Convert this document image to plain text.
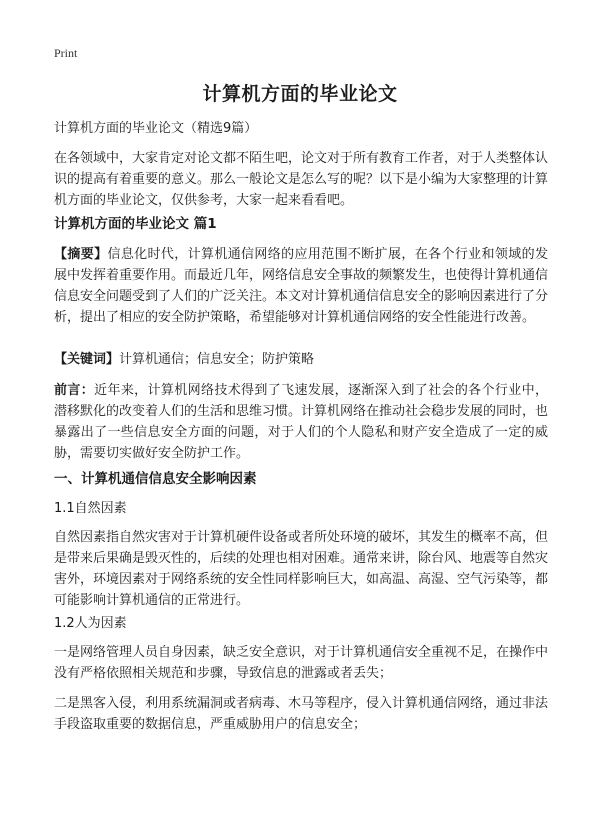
Print
计算机方面的毕业论文
计算机方面的毕业论文（精选9篇）
在各领域中，大家肯定对论文都不陌生吧，论文对于所有教育工作者，对于人类整体认识的提高有着重要的意义。那么一般论文是怎么写的呢？以下是小编为大家整理的计算机方面的毕业论文，仅供参考，大家一起来看看吧。
计算机方面的毕业论文 篇1
【摘要】信息化时代，计算机通信网络的应用范围不断扩展，在各个行业和领域的发展中发挥着重要作用。而最近几年，网络信息安全事故的频繁发生，也使得计算机通信信息安全问题受到了人们的广泛关注。本文对计算机通信信息安全的影响因素进行了分析，提出了相应的安全防护策略，希望能够对计算机通信网络的安全性能进行改善。
【关键词】计算机通信；信息安全；防护策略
前言：近年来，计算机网络技术得到了飞速发展，逐渐深入到了社会的各个行业中，潜移默化的改变着人们的生活和思维习惯。计算机网络在推动社会稳步发展的同时，也暴露出了一些信息安全方面的问题，对于人们的个人隐私和财产安全造成了一定的威胁，需要切实做好安全防护工作。
一、计算机通信信息安全影响因素
1.1自然因素
自然因素指自然灾害对于计算机硬件设备或者所处环境的破坏，其发生的概率不高，但是带来后果确是毁灭性的，后续的处理也相对困难。通常来讲，除台风、地震等自然灾害外，环境因素对于网络系统的安全性同样影响巨大，如高温、高湿、空气污染等，都可能影响计算机通信的正常进行。
1.2人为因素
一是网络管理人员自身因素，缺乏安全意识，对于计算机通信安全重视不足，在操作中没有严格依照相关规范和步骤，导致信息的泄露或者丢失；
二是黑客入侵，利用系统漏洞或者病毒、木马等程序，侵入计算机通信网络，通过非法手段盗取重要的数据信息，严重威胁用户的信息安全；
